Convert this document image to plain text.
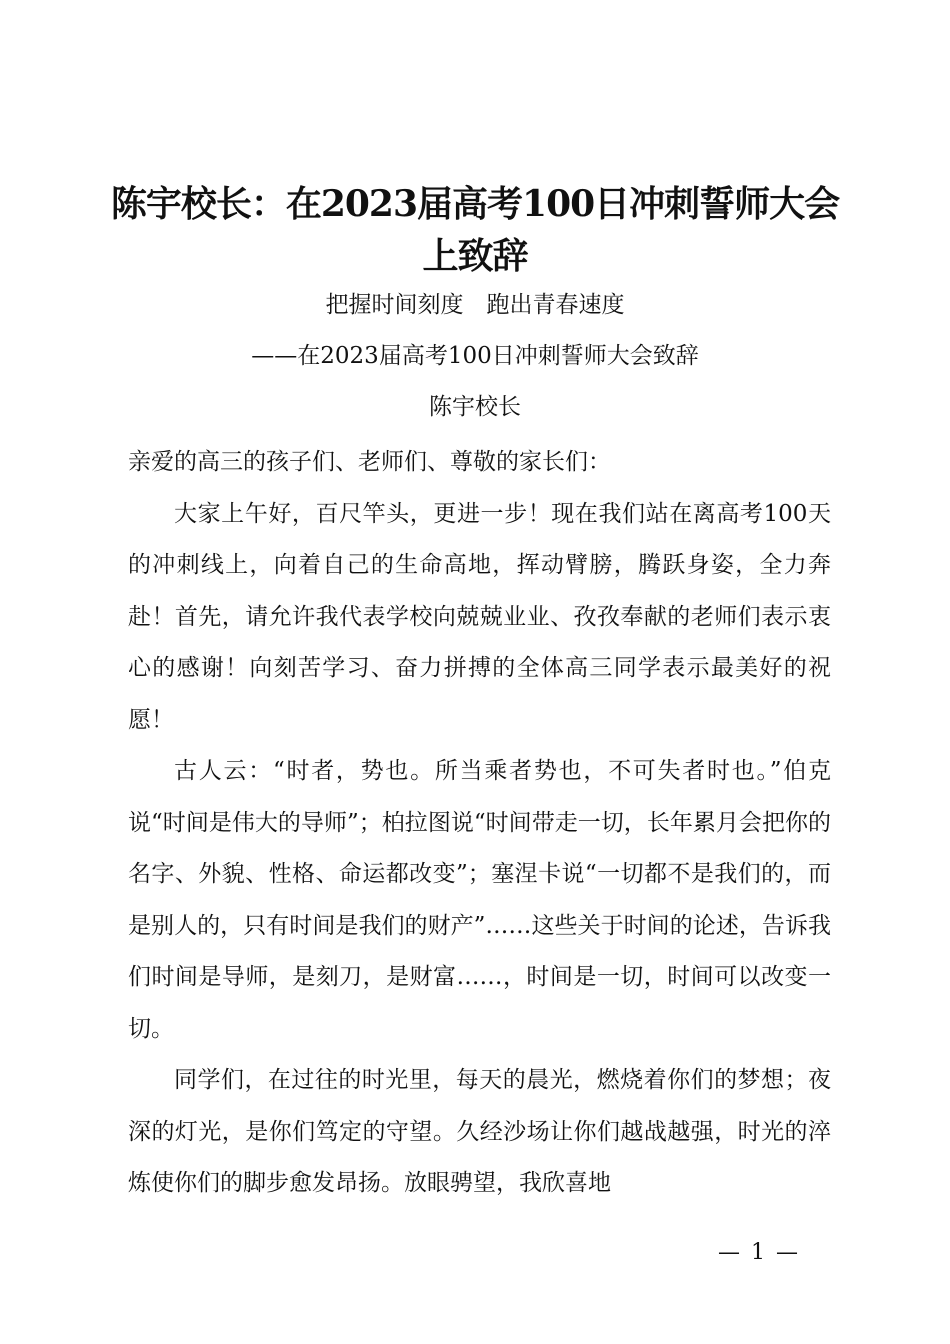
陈宇校长：在2023届高考100日冲刺誓师大会上致辞
把握时间刻度　跑出青春速度
——在2023届高考100日冲刺誓师大会致辞
陈宇校长

亲爱的高三的孩子们、老师们、尊敬的家长们：

大家上午好，百尺竿头，更进一步！现在我们站在离高考100天的冲刺线上，向着自己的生命高地，挥动臂膀，腾跃身姿，全力奔赴！首先，请允许我代表学校向兢兢业业、孜孜奉献的老师们表示衷心的感谢！向刻苦学习、奋力拼搏的全体高三同学表示最美好的祝愿！

古人云：“时者，势也。所当乘者势也，不可失者时也。”伯克说“时间是伟大的导师”；柏拉图说“时间带走一切，长年累月会把你的名字、外貌、性格、命运都改变”；塞涅卡说“一切都不是我们的，而是别人的，只有时间是我们的财产”……这些关于时间的论述，告诉我们时间是导师，是刻刀，是财富……，时间是一切，时间可以改变一切。

同学们，在过往的时光里，每天的晨光，燃烧着你们的梦想；夜深的灯光，是你们笃定的守望。久经沙场让你们越战越强，时光的淬炼使你们的脚步愈发昂扬。放眼骋望，我欣喜地

— 1 —
